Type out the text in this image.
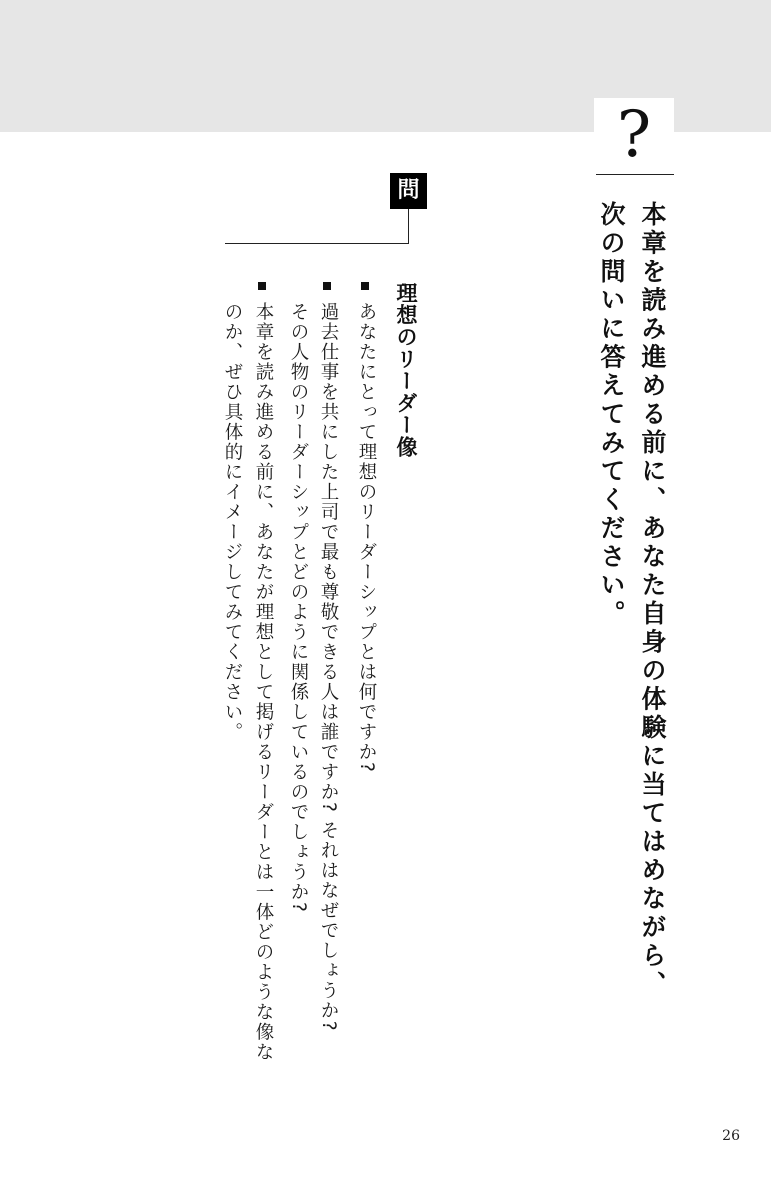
?
本章を読み進める前に、あなた自身の体験に当てはめながら、
次の問いに答えてみてください。
問
理想のリーダー像
あなたにとって理想のリーダーシップとは何ですか?
過去仕事を共にした上司で最も尊敬できる人は誰ですか? それはなぜでしょうか?
その人物のリーダーシップとどのように関係しているのでしょうか?
本章を読み進める前に、あなたが理想として掲げるリーダーとは一体どのような像な
のか、ぜひ具体的にイメージしてみてください。
26
